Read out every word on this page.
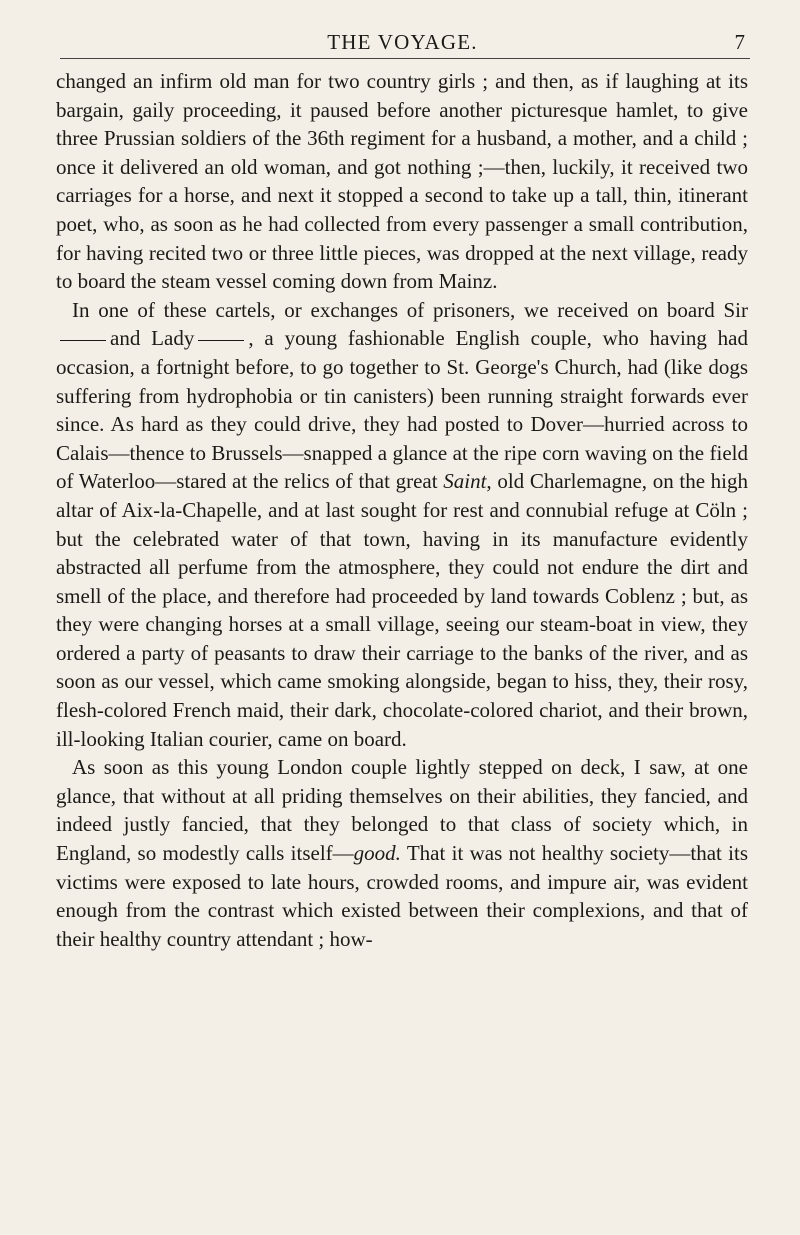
THE VOYAGE.	7

changed an infirm old man for two country girls ; and then, as if laughing at its bargain, gaily proceeding, it paused before another picturesque hamlet, to give three Prussian soldiers of the 36th regiment for a husband, a mother, and a child ; once it delivered an old woman, and got nothing ;—then, luckily, it received two carriages for a horse, and next it stopped a second to take up a tall, thin, itinerant poet, who, as soon as he had collected from every passenger a small contribution, for having recited two or three little pieces, was dropped at the next village, ready to board the steam vessel coming down from Mainz.

In one of these cartels, or exchanges of prisoners, we received on board Sirand Lady	, a young fashionable English couple, who having had occasion, a fortnight before, to go together to St. George's Church, had (like dogs suffering from hydrophobia or tin canisters) been running straight forwards ever since. As hard as they could drive, they had posted to Dover—hurried across to Calais—thence to Brussels—snapped a glance at the ripe corn waving on the field of Waterloo—stared at the relics of that great Saint, old Charlemagne, on the high altar of Aix-la-Chapelle, and at last sought for rest and connubial refuge at Cöln ; but the celebrated water of that town, having in its manufacture evidently abstracted all perfume from the atmosphere, they could not endure the dirt and smell of the place, and therefore had proceeded by land towards Coblenz ; but, as they were changing horses at a small village, seeing our steam-boat in view, they ordered a party of peasants to draw their carriage to the banks of the river, and as soon as our vessel, which came smoking alongside, began to hiss, they, their rosy, flesh-colored French maid, their dark, chocolate-colored chariot, and their brown, ill-looking Italian courier, came on board.

As soon as this young London couple lightly stepped on deck, I saw, at one glance, that without at all priding themselves on their abilities, they fancied, and indeed justly fancied, that they belonged to that class of society which, in England, so modestly calls itself—good. That it was not healthy society—that its victims were exposed to late hours, crowded rooms, and impure air, was evident enough from the contrast which existed between their complexions, and that of their healthy country attendant ; how-
